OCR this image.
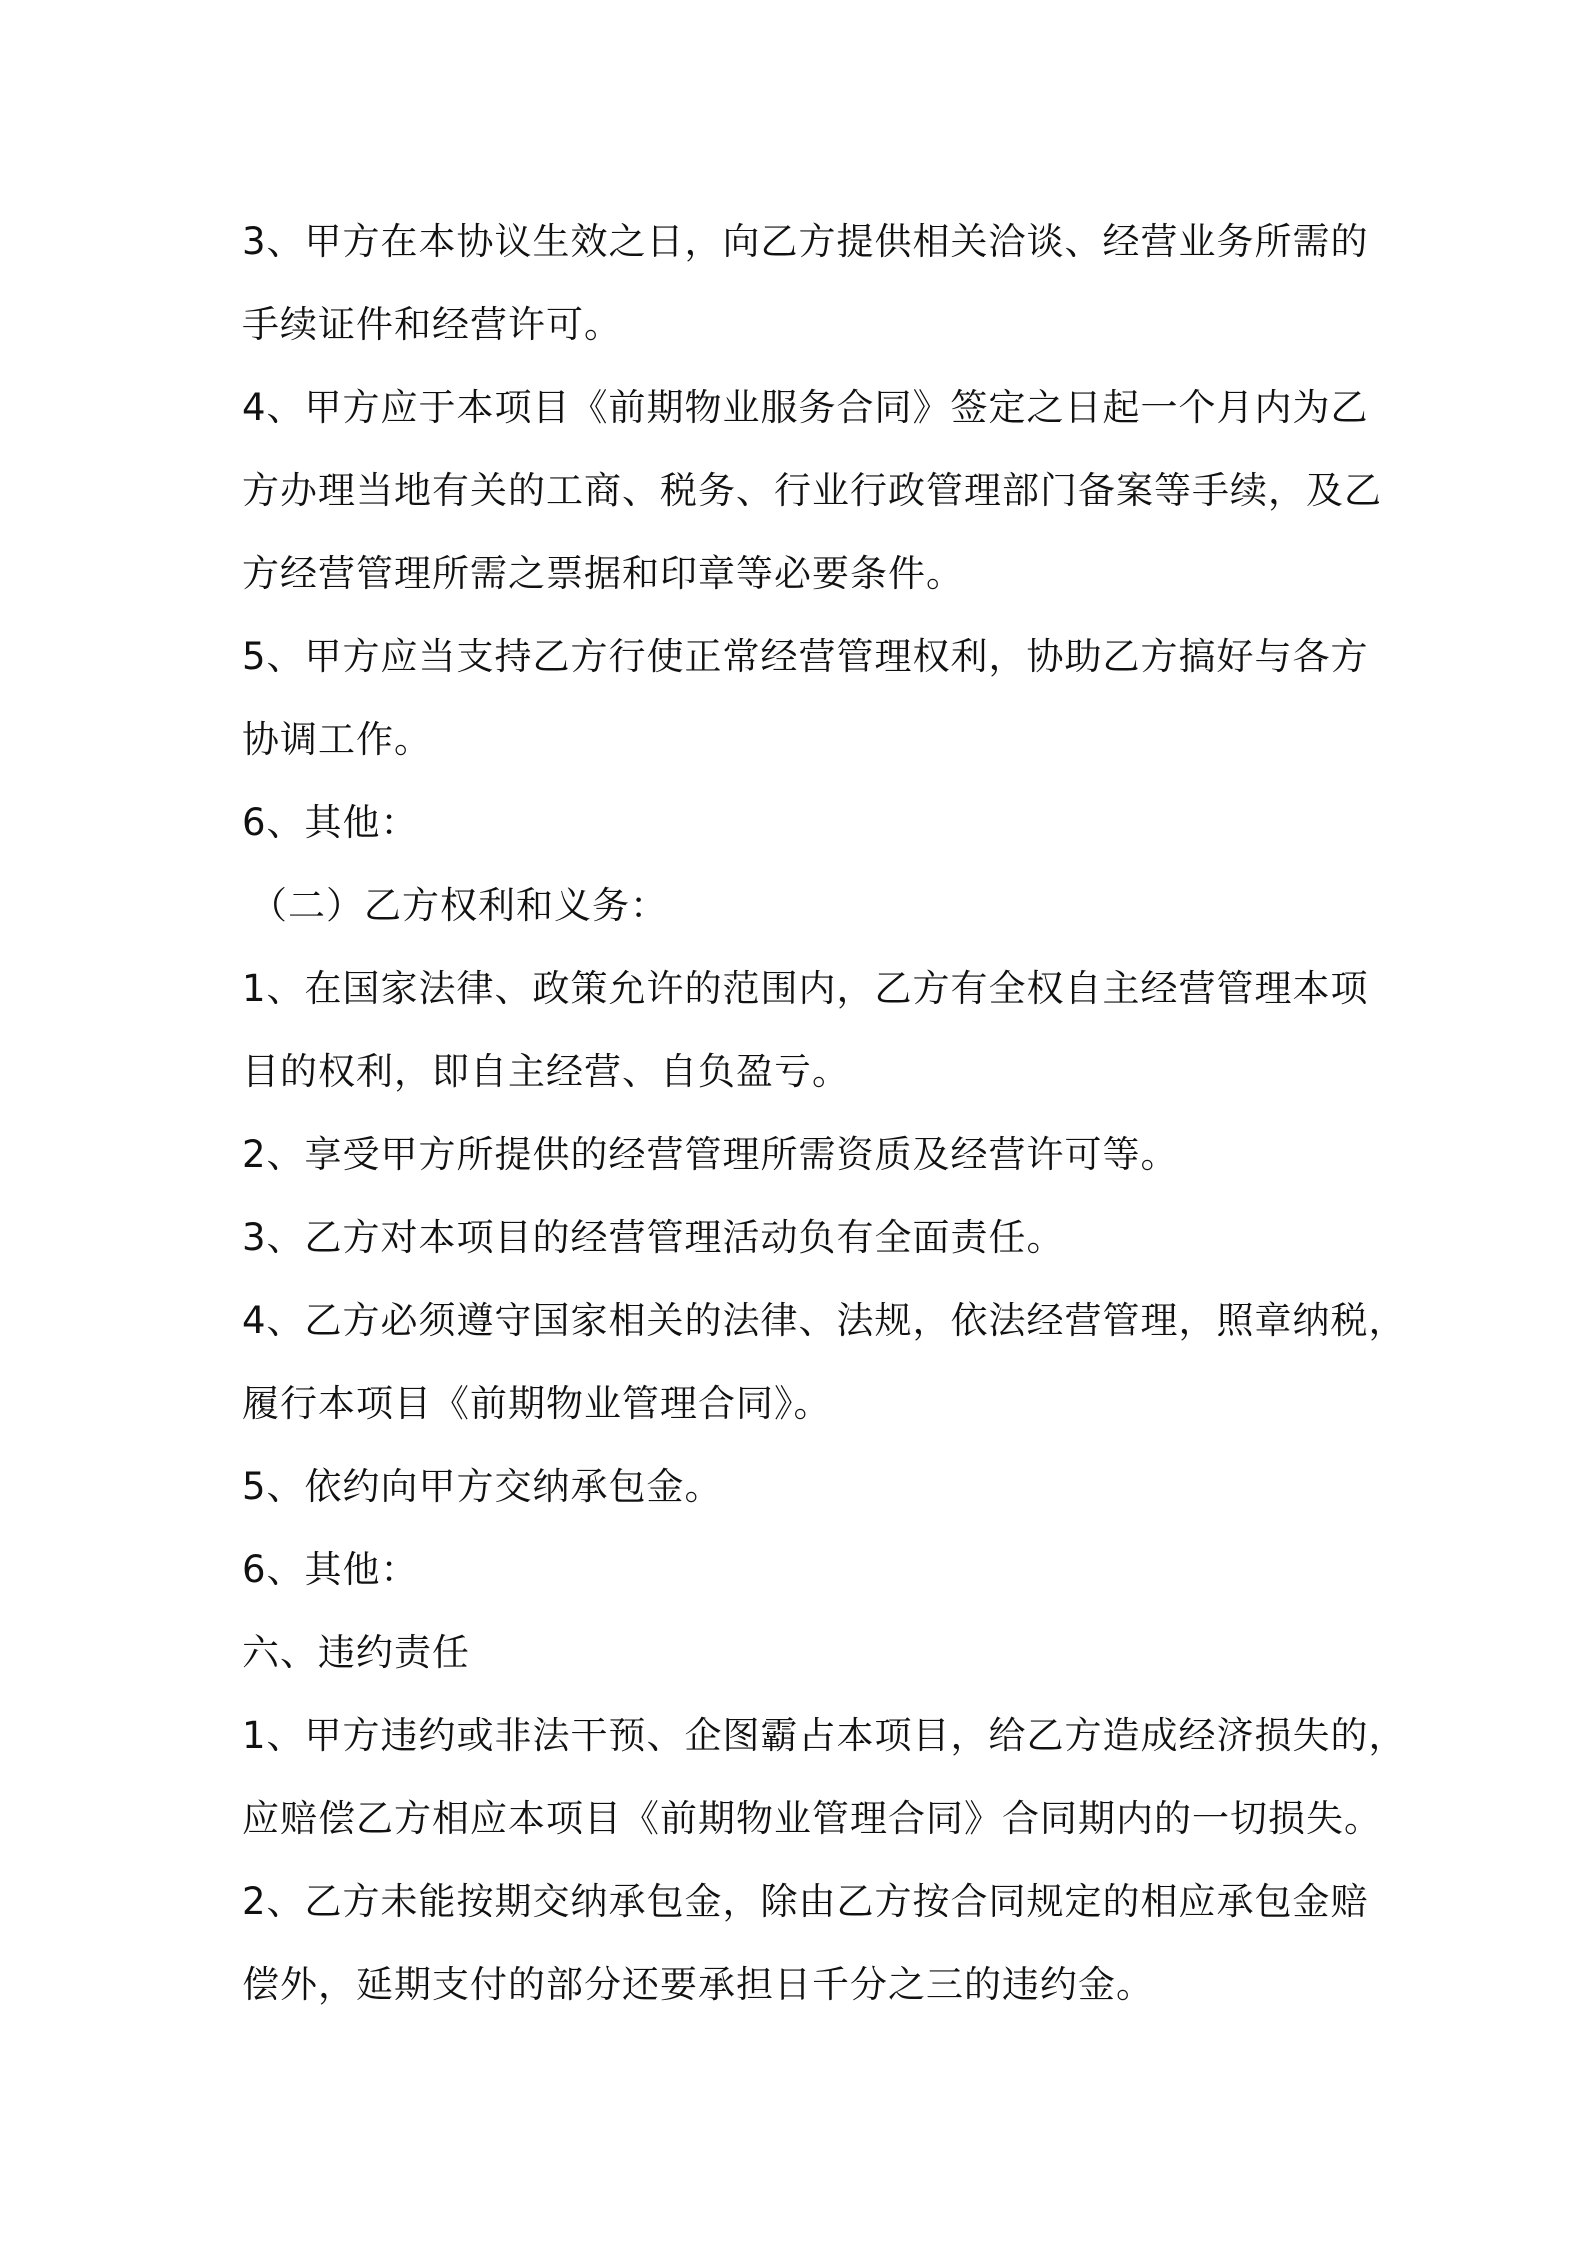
3、甲方在本协议生效之日，向乙方提供相关洽谈、经营业务所需的
手续证件和经营许可。
4、甲方应于本项目《前期物业服务合同》签定之日起一个月内为乙
方办理当地有关的工商、税务、行业行政管理部门备案等手续，及乙
方经营管理所需之票据和印章等必要条件。
5、甲方应当支持乙方行使正常经营管理权利，协助乙方搞好与各方
协调工作。
6、其他：
（二）乙方权利和义务：
1、在国家法律、政策允许的范围内，乙方有全权自主经营管理本项
目的权利，即自主经营、自负盈亏。
2、享受甲方所提供的经营管理所需资质及经营许可等。
3、乙方对本项目的经营管理活动负有全面责任。
4、乙方必须遵守国家相关的法律、法规，依法经营管理，照章纳税，
履行本项目《前期物业管理合同》。
5、依约向甲方交纳承包金。
6、其他：
六、违约责任
1、甲方违约或非法干预、企图霸占本项目，给乙方造成经济损失的，
应赔偿乙方相应本项目《前期物业管理合同》合同期内的一切损失。
2、乙方未能按期交纳承包金，除由乙方按合同规定的相应承包金赔
偿外，延期支付的部分还要承担日千分之三的违约金。
